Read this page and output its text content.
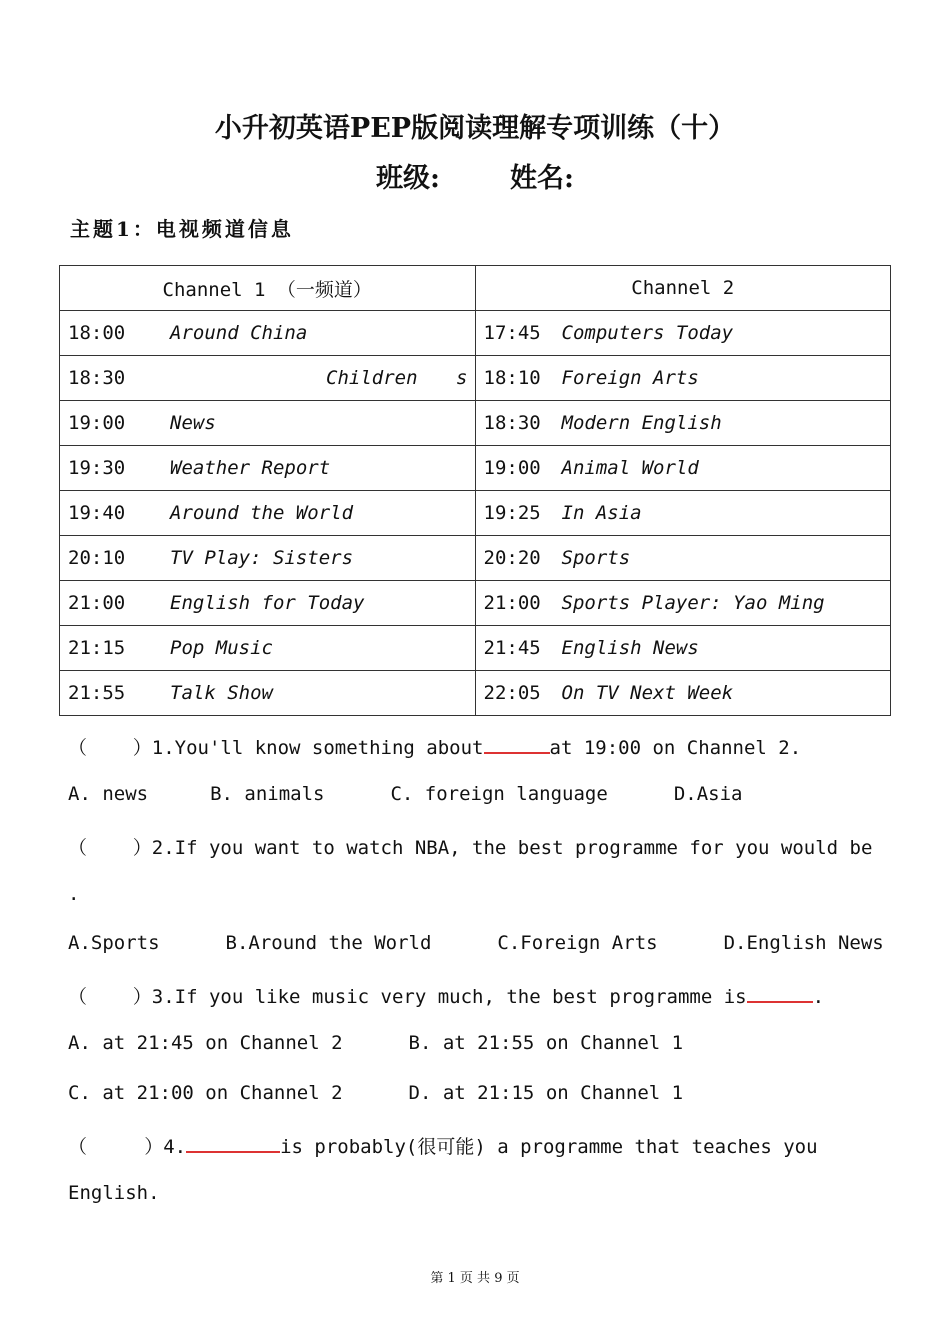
小升初英语PEP版阅读理解专项训练（十）
班级:	姓名:
主题1：电视频道信息
Channel 1 （一频道）	Channel 2
18:00 Around China	17:45 Computers Today
18:30 Children s	18:10 Foreign Arts
19:00 News	18:30 Modern English
19:30 Weather Report	19:00 Animal World
19:40 Around the World	19:25 In Asia
20:10 TV Play: Sisters	20:20 Sports
21:00 English for Today	21:00 Sports Player: Yao Ming
21:15 Pop Music	21:45 English News
21:55 Talk Show	22:05 On TV Next Week
（    ）1.You'll know something about	at 19:00 on Channel 2.
A. news	B. animals	C. foreign language	D.Asia
（    ）2.If you want to watch NBA, the best programme for you would be
.
A.Sports	B.Around the World	C.Foreign Arts	D.English News
（    ）3.If you like music very much, the best programme is	.
A. at 21:45 on Channel 2	B. at 21:55 on Channel 1
C. at 21:00 on Channel 2	D. at 21:15 on Channel 1
（     ）4.	is probably(很可能) a programme that teaches you
English.
第 1 页 共 9 页
